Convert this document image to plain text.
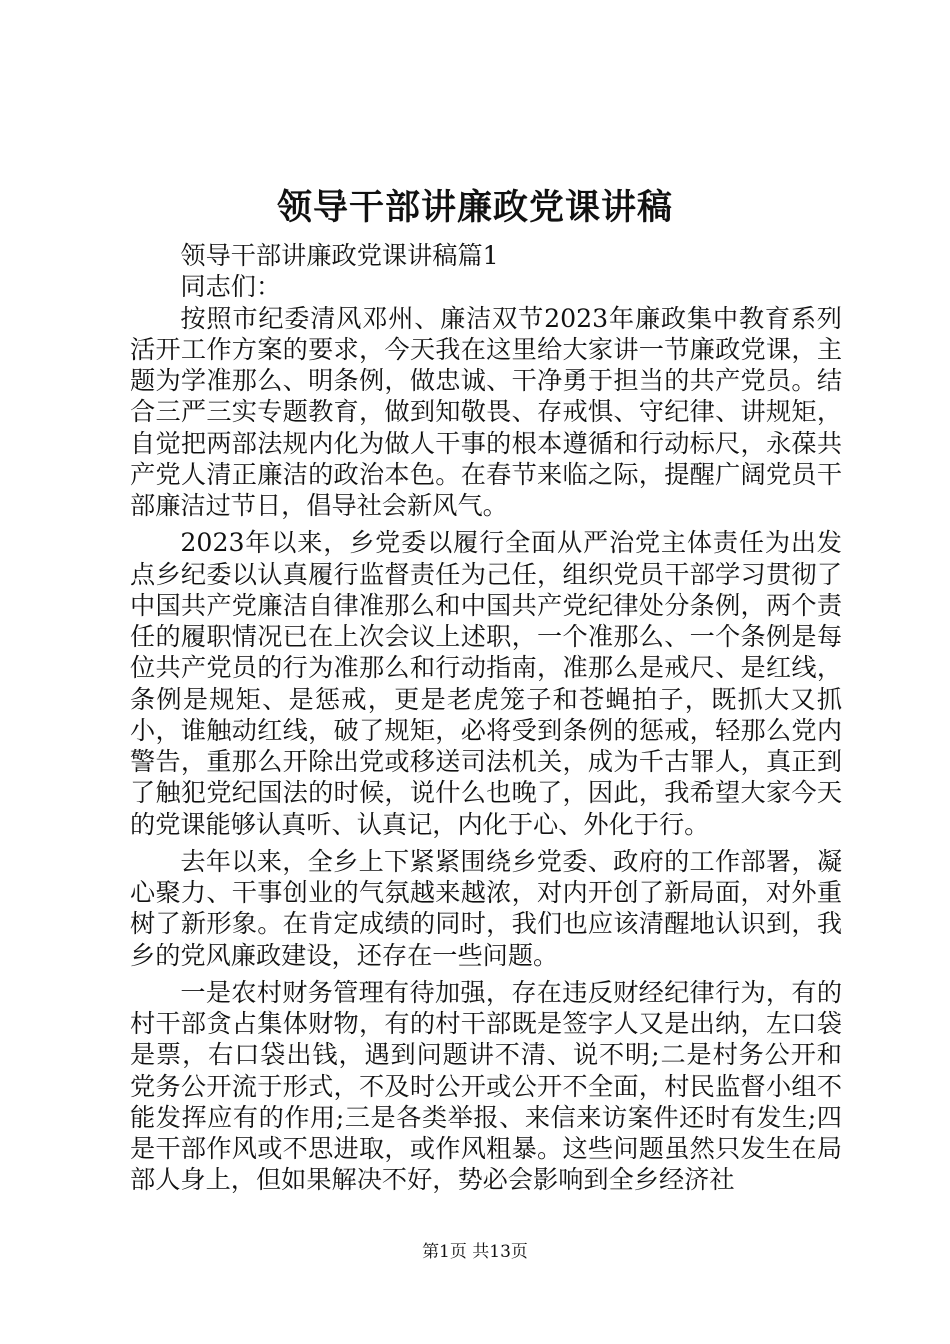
领导干部讲廉政党课讲稿

领导干部讲廉政党课讲稿篇1

同志们：

按照市纪委清风邓州、廉洁双节2023年廉政集中教育系列活开工作方案的要求，今天我在这里给大家讲一节廉政党课，主题为学准那么、明条例，做忠诚、干净勇于担当的共产党员。结合三严三实专题教育，做到知敬畏、存戒惧、守纪律、讲规矩，自觉把两部法规内化为做人干事的根本遵循和行动标尺，永葆共产党人清正廉洁的政治本色。在春节来临之际，提醒广阔党员干部廉洁过节日，倡导社会新风气。

2023年以来，乡党委以履行全面从严治党主体责任为出发点乡纪委以认真履行监督责任为己任，组织党员干部学习贯彻了中国共产党廉洁自律准那么和中国共产党纪律处分条例，两个责任的履职情况已在上次会议上述职，一个准那么、一个条例是每位共产党员的行为准那么和行动指南，准那么是戒尺、是红线，条例是规矩、是惩戒，更是老虎笼子和苍蝇拍子，既抓大又抓小，谁触动红线，破了规矩，必将受到条例的惩戒，轻那么党内警告，重那么开除出党或移送司法机关，成为千古罪人，真正到了触犯党纪国法的时候，说什么也晚了，因此，我希望大家今天的党课能够认真听、认真记，内化于心、外化于行。

去年以来，全乡上下紧紧围绕乡党委、政府的工作部署，凝心聚力、干事创业的气氛越来越浓，对内开创了新局面，对外重树了新形象。在肯定成绩的同时，我们也应该清醒地认识到，我乡的党风廉政建设，还存在一些问题。

一是农村财务管理有待加强，存在违反财经纪律行为，有的村干部贪占集体财物，有的村干部既是签字人又是出纳，左口袋是票，右口袋出钱，遇到问题讲不清、说不明;二是村务公开和党务公开流于形式，不及时公开或公开不全面，村民监督小组不能发挥应有的作用;三是各类举报、来信来访案件还时有发生;四是干部作风或不思进取，或作风粗暴。这些问题虽然只发生在局部人身上，但如果解决不好，势必会影响到全乡经济社

第1页 共13页
